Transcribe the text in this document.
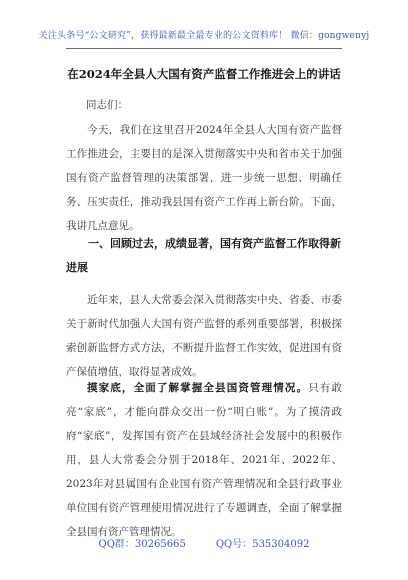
关注头条号“公文研究”，获得最新最全最专业的公文资料库！ 微信：gongwenyj
在2024年全县人大国有资产监督工作推进会上的讲话
同志们：

今天，我们在这里召开2024年全县人大国有资产监督工作推进会，主要目的是深入贯彻落实中央和省市关于加强国有资产监督管理的决策部署，进一步统一思想、明确任务、压实责任，推动我县国有资产工作再上新台阶。下面，我讲几点意见。

一、回顾过去，成绩显著，国有资产监督工作取得新进展

近年来，县人大常委会深入贯彻落实中央、省委、市委关于新时代加强人大国有资产监督的系列重要部署，积极探索创新监督方式方法，不断提升监督工作实效，促进国有资产保值增值，取得显著成效。

摸家底，全面了解掌握全县国资管理情况。只有敢亮“家底”，才能向群众交出一份“明白账”。为了摸清政府“家底”，发挥国有资产在县域经济社会发展中的积极作用，县人大常委会分别于2018年、2021年、2022年、2023年对县属国有企业国有资产管理情况和全县行政事业单位国有资产管理使用情况进行了专题调查，全面了解掌握全县国有资产管理情况。

QQ群：30265665	QQ号：535304092
